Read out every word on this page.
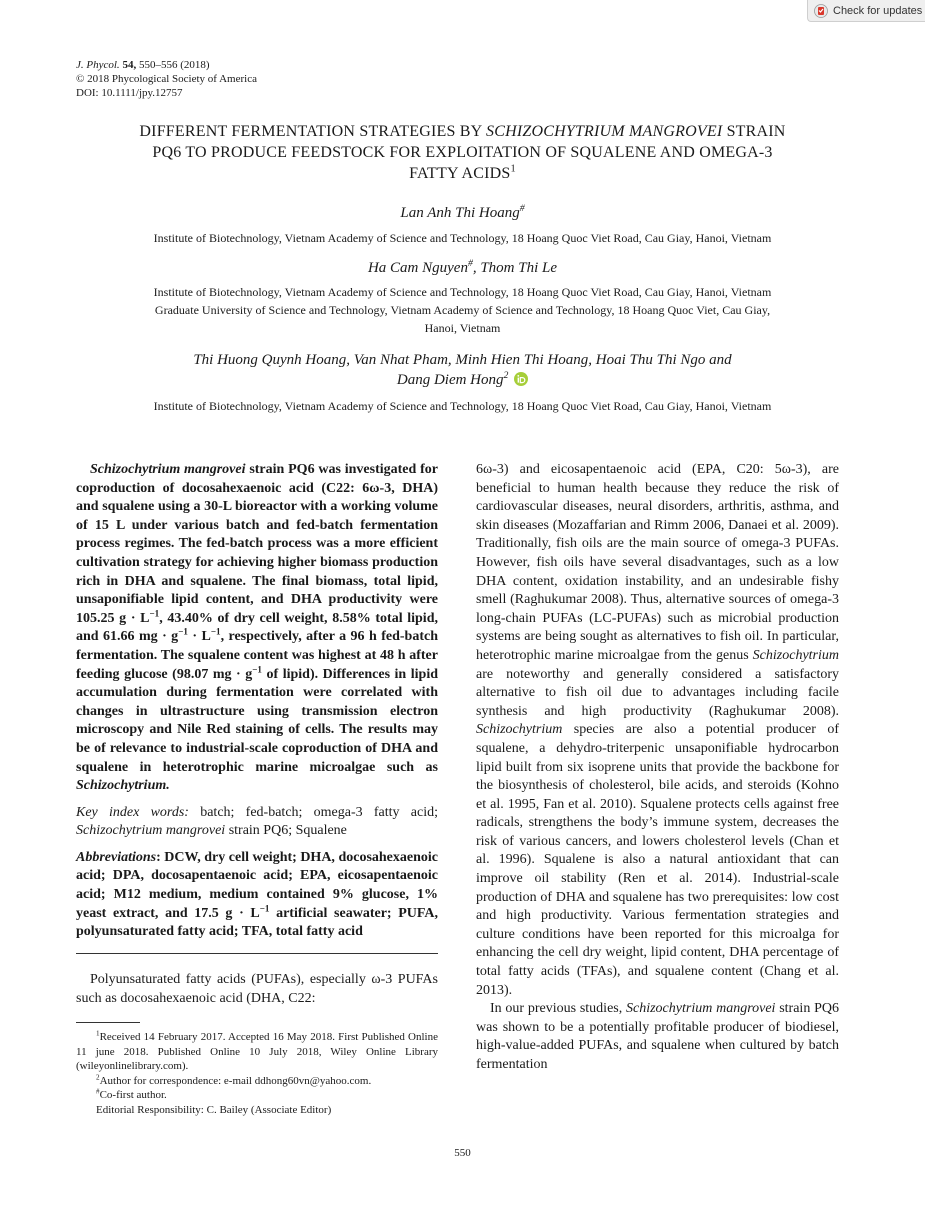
Check for updates
J. Phycol. 54, 550–556 (2018)
© 2018 Phycological Society of America
DOI: 10.1111/jpy.12757
DIFFERENT FERMENTATION STRATEGIES BY SCHIZOCHYTRIUM MANGROVEI STRAIN
PQ6 TO PRODUCE FEEDSTOCK FOR EXPLOITATION OF SQUALENE AND OMEGA-3
FATTY ACIDS$^1$
Lan Anh Thi Hoang#
Institute of Biotechnology, Vietnam Academy of Science and Technology, 18 Hoang Quoc Viet Road, Cau Giay, Hanoi, Vietnam
Ha Cam Nguyen#, Thom Thi Le
Institute of Biotechnology, Vietnam Academy of Science and Technology, 18 Hoang Quoc Viet Road, Cau Giay, Hanoi, Vietnam
Graduate University of Science and Technology, Vietnam Academy of Science and Technology, 18 Hoang Quoc Viet, Cau Giay,
Hanoi, Vietnam
Thi Huong Quynh Hoang, Van Nhat Pham, Minh Hien Thi Hoang, Hoai Thu Thi Ngo and
Dang Diem Hong$^2$
Institute of Biotechnology, Vietnam Academy of Science and Technology, 18 Hoang Quoc Viet Road, Cau Giay, Hanoi, Vietnam

Schizochytrium mangrovei strain PQ6 was investigated for coproduction of docosahexaenoic acid (C22: 6ω-3, DHA) and squalene using a 30-L bioreactor with a working volume of 15 L under various batch and fed-batch fermentation process regimes. The fed-batch process was a more efficient cultivation strategy for achieving higher biomass production rich in DHA and squalene. The final biomass, total lipid, unsaponifiable lipid content, and DHA productivity were 105.25 $g \cdot L^{-1}$, 43.40% of dry cell weight, 8.58% total lipid, and 61.66 mg · $g^{-1} \cdot L^{-1}$, respectively, after a 96 h fed-batch fermentation. The squalene content was highest at 48 h after feeding glucose (98.07 mg · $g^{-1}$ of lipid). Differences in lipid accumulation during fermentation were correlated with changes in ultrastructure using transmission electron microscopy and Nile Red staining of cells. The results may be of relevance to industrial-scale coproduction of DHA and squalene in heterotrophic marine microalgae such as Schizochytrium.

Key index words: batch; fed-batch; omega-3 fatty acid; Schizochytrium mangrovei strain PQ6; Squalene

Abbreviations: DCW, dry cell weight; DHA, docosahexaenoic acid; DPA, docosapentaenoic acid; EPA, eicosapentaenoic acid; M12 medium, medium contained 9% glucose, 1% yeast extract, and 17.5 $g \cdot L^{-1}$ artificial seawater; PUFA, polyunsaturated fatty acid; TFA, total fatty acid

Polyunsaturated fatty acids (PUFAs), especially ω-3 PUFAs such as docosahexaenoic acid (DHA, C22:

$^1$Received 14 February 2017. Accepted 16 May 2018. First Published Online 11 june 2018. Published Online 10 July 2018, Wiley Online Library (wileyonlinelibrary.com).

$^2$Author for correspondence: e-mail ddhong60vn@yahoo.com.

#Co-first author.

Editorial Responsibility: C. Bailey (Associate Editor)

6ω-3) and eicosapentaenoic acid (EPA, C20: 5ω-3), are beneficial to human health because they reduce the risk of cardiovascular diseases, neural disorders, arthritis, asthma, and skin diseases (Mozaffarian and Rimm 2006, Danaei et al. 2009). Traditionally, fish oils are the main source of omega-3 PUFAs. However, fish oils have several disadvantages, such as a low DHA content, oxidation instability, and an undesirable fishy smell (Raghukumar 2008). Thus, alternative sources of omega-3 long-chain PUFAs (LC-PUFAs) such as microbial production systems are being sought as alternatives to fish oil. In particular, heterotrophic marine microalgae from the genus Schizochytrium are noteworthy and generally considered a satisfactory alternative to fish oil due to advantages including facile synthesis and high productivity (Raghukumar 2008). Schizochytrium species are also a potential producer of squalene, a dehydro-triterpenic unsaponifiable hydrocarbon lipid built from six isoprene units that provide the backbone for the biosynthesis of cholesterol, bile acids, and steroids (Kohno et al. 1995, Fan et al. 2010). Squalene protects cells against free radicals, strengthens the body’s immune system, decreases the risk of various cancers, and lowers cholesterol levels (Chan et al. 1996). Squalene is also a natural antioxidant that can improve oil stability (Ren et al. 2014). Industrial-scale production of DHA and squalene has two prerequisites: low cost and high productivity. Various fermentation strategies and culture conditions have been reported for this microalga for enhancing the cell dry weight, lipid content, DHA percentage of total fatty acids (TFAs), and squalene content (Chang et al. 2013).

In our previous studies, Schizochytrium mangrovei strain PQ6 was shown to be a potentially profitable producer of biodiesel, high-value-added PUFAs, and squalene when cultured by batch fermentation

550
